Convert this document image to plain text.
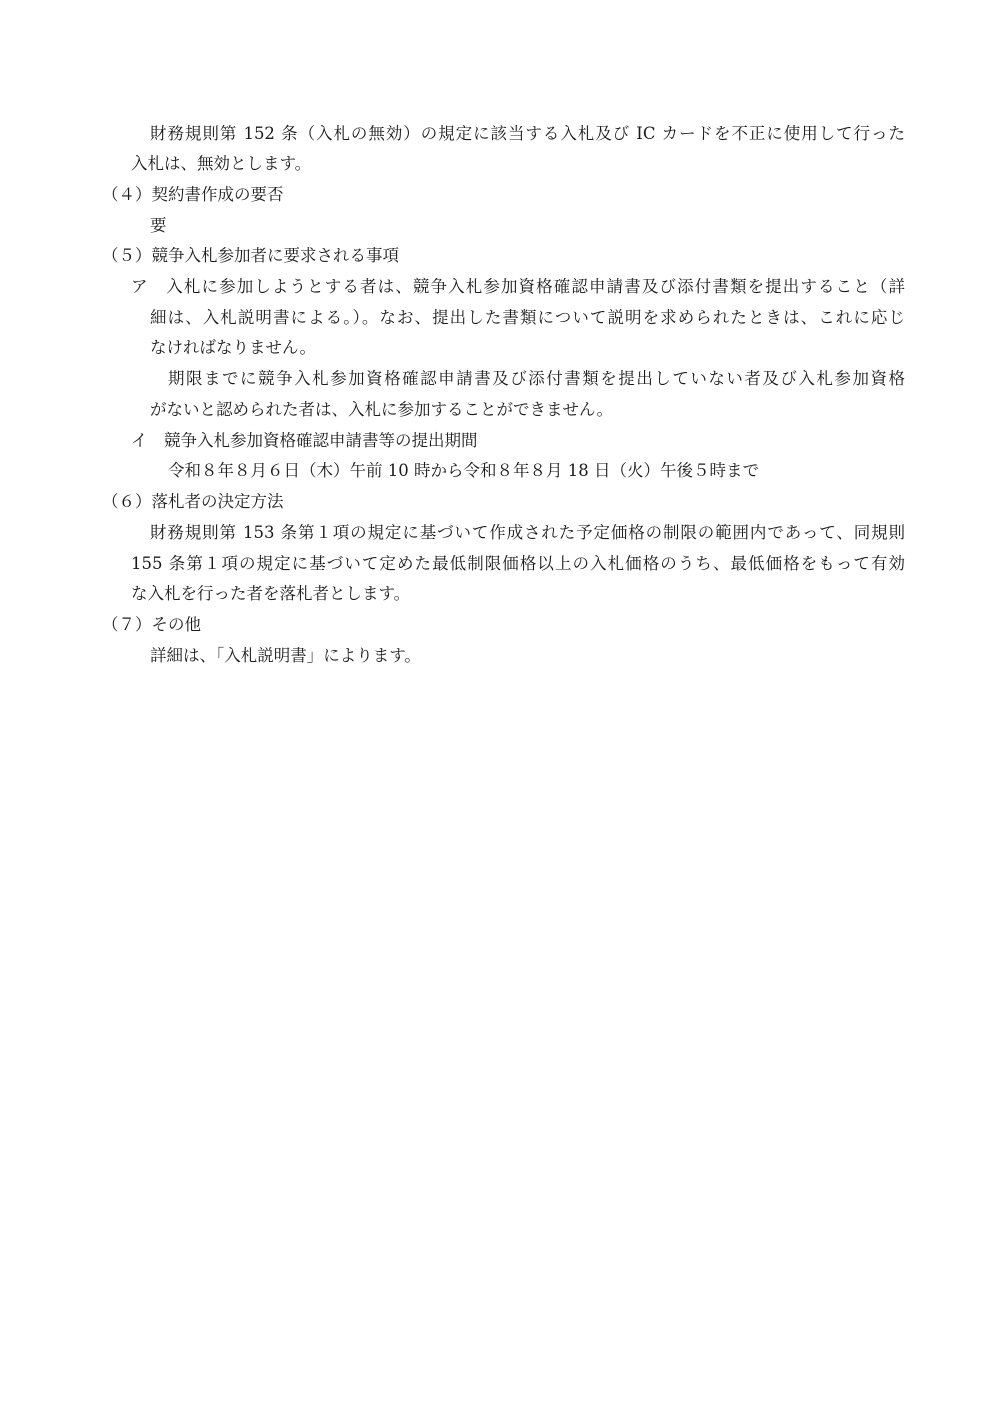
財務規則第 152 条（入札の無効）の規定に該当する入札及び IC カードを不正に使用して行った
入札は、無効とします。
（４）契約書作成の要否
要
（５）競争入札参加者に要求される事項
ア　入札に参加しようとする者は、競争入札参加資格確認申請書及び添付書類を提出すること（詳
細は、入札説明書による。）。なお、提出した書類について説明を求められたときは、これに応じ
なければなりません。
期限までに競争入札参加資格確認申請書及び添付書類を提出していない者及び入札参加資格
がないと認められた者は、入札に参加することができません。
イ　競争入札参加資格確認申請書等の提出期間
令和８年８月６日（木）午前 10 時から令和８年８月 18 日（火）午後５時まで
（６）落札者の決定方法
財務規則第 153 条第１項の規定に基づいて作成された予定価格の制限の範囲内であって、同規則
155 条第１項の規定に基づいて定めた最低制限価格以上の入札価格のうち、最低価格をもって有効
な入札を行った者を落札者とします。
（７）その他
詳細は、「入札説明書」によります。
